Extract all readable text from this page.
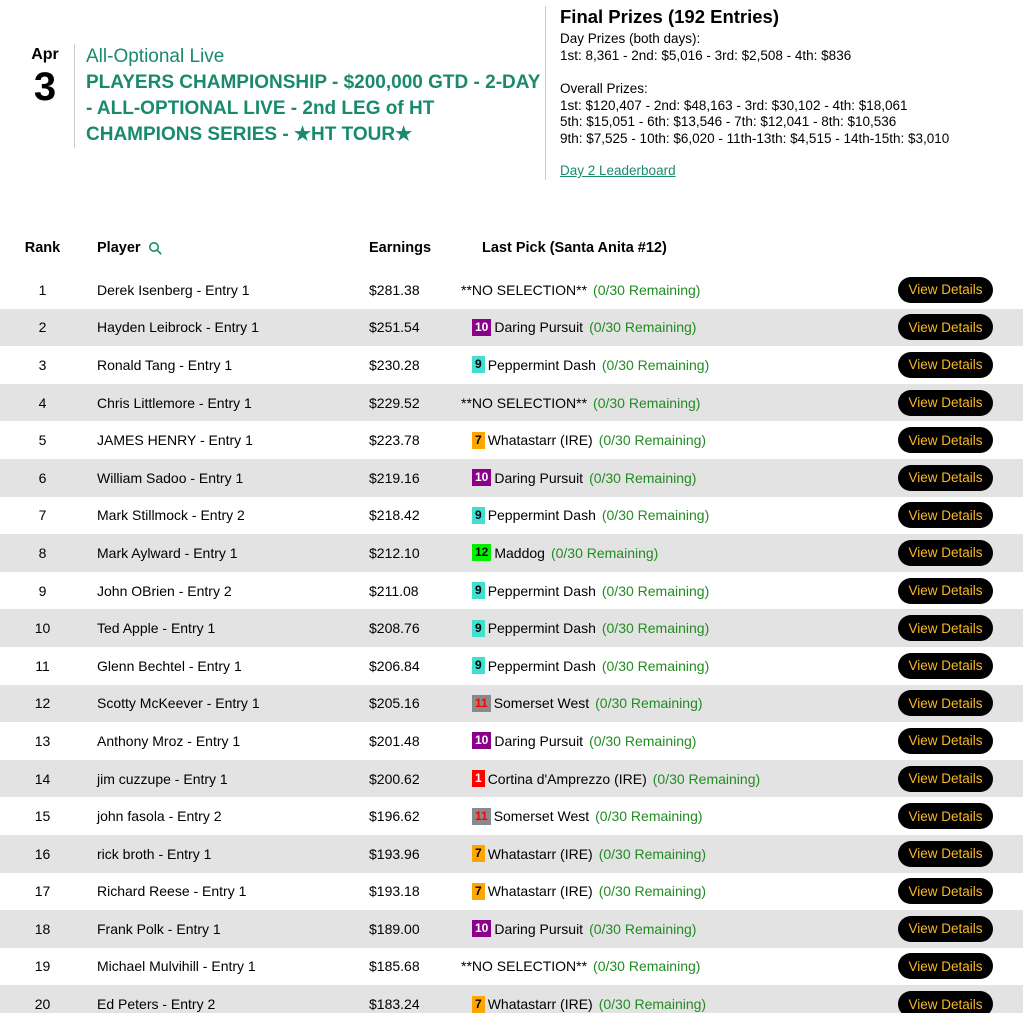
Apr
3
All-Optional Live
PLAYERS CHAMPIONSHIP - $200,000 GTD - 2-DAY - ALL-OPTIONAL LIVE - 2nd LEG of HT CHAMPIONS SERIES - ★HT TOUR★
Final Prizes (192 Entries)
Day Prizes (both days):
1st: 8,361 - 2nd: $5,016 - 3rd: $2,508 - 4th: $836
Overall Prizes:
1st: $120,407 - 2nd: $48,163 - 3rd: $30,102 - 4th: $18,061
5th: $15,051 - 6th: $13,546 - 7th: $12,041 - 8th: $10,536
9th: $7,525 - 10th: $6,020 - 11th-13th: $4,515 - 14th-15th: $3,010
Day 2 Leaderboard
Rank	Player	Earnings	Last Pick (Santa Anita #12)
1	Derek Isenberg - Entry 1	$281.38	**NO SELECTION** (0/30 Remaining)	View Details
2	Hayden Leibrock - Entry 1	$251.54	10 Daring Pursuit (0/30 Remaining)	View Details
3	Ronald Tang - Entry 1	$230.28	9 Peppermint Dash (0/30 Remaining)	View Details
4	Chris Littlemore - Entry 1	$229.52	**NO SELECTION** (0/30 Remaining)	View Details
5	JAMES HENRY - Entry 1	$223.78	7 Whatastarr (IRE) (0/30 Remaining)	View Details
6	William Sadoo - Entry 1	$219.16	10 Daring Pursuit (0/30 Remaining)	View Details
7	Mark Stillmock - Entry 2	$218.42	9 Peppermint Dash (0/30 Remaining)	View Details
8	Mark Aylward - Entry 1	$212.10	12 Maddog (0/30 Remaining)	View Details
9	John OBrien - Entry 2	$211.08	9 Peppermint Dash (0/30 Remaining)	View Details
10	Ted Apple - Entry 1	$208.76	9 Peppermint Dash (0/30 Remaining)	View Details
11	Glenn Bechtel - Entry 1	$206.84	9 Peppermint Dash (0/30 Remaining)	View Details
12	Scotty McKeever - Entry 1	$205.16	11 Somerset West (0/30 Remaining)	View Details
13	Anthony Mroz - Entry 1	$201.48	10 Daring Pursuit (0/30 Remaining)	View Details
14	jim cuzzupe - Entry 1	$200.62	1 Cortina d'Amprezzo (IRE) (0/30 Remaining)	View Details
15	john fasola - Entry 2	$196.62	11 Somerset West (0/30 Remaining)	View Details
16	rick broth - Entry 1	$193.96	7 Whatastarr (IRE) (0/30 Remaining)	View Details
17	Richard Reese - Entry 1	$193.18	7 Whatastarr (IRE) (0/30 Remaining)	View Details
18	Frank Polk - Entry 1	$189.00	10 Daring Pursuit (0/30 Remaining)	View Details
19	Michael Mulvihill - Entry 1	$185.68	**NO SELECTION** (0/30 Remaining)	View Details
20	Ed Peters - Entry 2	$183.24	7 Whatastarr (IRE) (0/30 Remaining)	View Details
